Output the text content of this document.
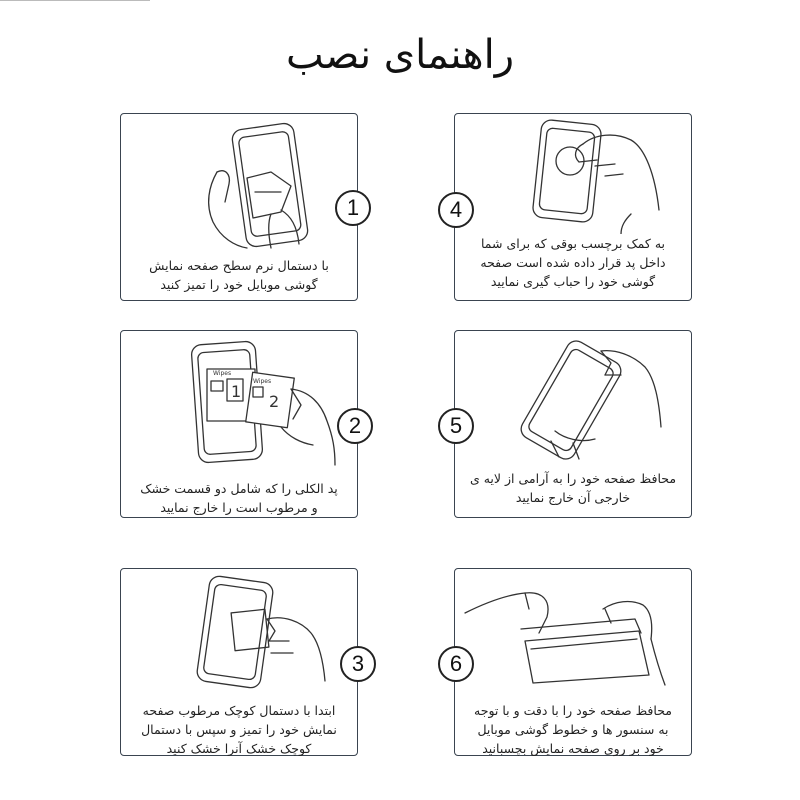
راهنمای نصب
با دستمال نرم سطح صفحه نمایش
گوشی موبایل خود را تمیز کنید
1
به کمک برچسب بوقی که برای شما
داخل پد قرار داده شده است صفحه
گوشی خود را حباب گیری نمایید
4
Wipes
1
Wipes
2
پد الکلی را که شامل دو قسمت خشک
و مرطوب است را خارج نمایید
2
محافظ صفحه خود را به آرامی از لایه ی
خارجی آن خارج نمایید
5
ابتدا با دستمال کوچک مرطوب صفحه
نمایش خود را تمیز و سپس با دستمال
کوچک خشک آنرا خشک کنید
3
محافظ صفحه خود را با دقت و با توجه
به سنسور ها و خطوط گوشی موبایل
خود بر روی صفحه نمایش بچسبانید
6
